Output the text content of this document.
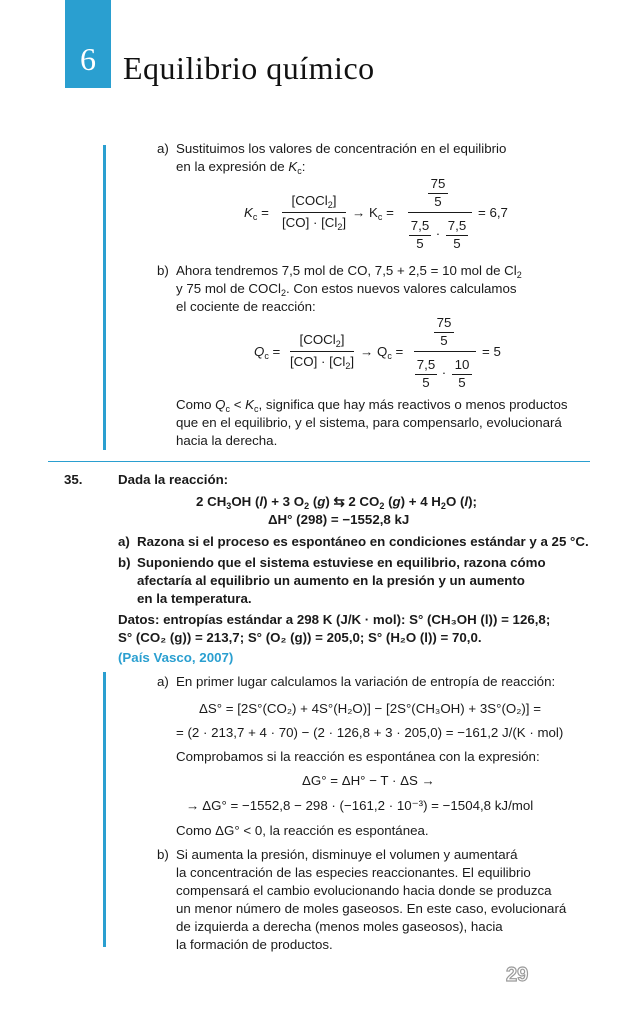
6 Equilibrio químico
a) Sustituimos los valores de concentración en el equilibrio
en la expresión de $K_c$:
$K_c$ =
[COCl$_2$]
$[CO] \cdot [Cl_2]$
→ $K_c$ =
75
5
7,5
5
·
7,5
5
= 6,7
b) Ahora tendremos 7,5 mol de CO, 7,5 + 2,5 = 10 mol de $Cl_2$
y 75 mol de COCl$_2$. Con estos nuevos valores calculamos
el cociente de reacción:
$Q_c$ =
[COCl$_2$]
$[CO] \cdot [Cl_2]$
→ $Q_c$ =
75
5
7,5
5
·
10
5
= 5
Como $Q_c < K_c$, significa que hay más reactivos o menos productos
que en el equilibrio, y el sistema, para compensarlo, evolucionará
hacia la derecha.
35.	Dada la reacción:
2 $CH_3OH$ (l) + 3 $O_2$ (g) ⇆ 2 $CO_2$ (g) + 4 $H_2O$ (l);
ΔH° (298) = −1552,8 kJ
a) Razona si el proceso es espontáneo en condiciones estándar y a 25 °C.
b) Suponiendo que el sistema estuviese en equilibrio, razona cómo
afectaría al equilibrio un aumento en la presión y un aumento
en la temperatura.
Datos: entropías estándar a 298 K (J/K · mol): S° (CH₃OH (l)) = 126,8;
S° (CO₂ (g)) = 213,7; S° (O₂ (g)) = 205,0; S° (H₂O (l)) = 70,0.
(País Vasco, 2007)
a) En primer lugar calculamos la variación de entropía de reacción:
ΔS° = [2S°(CO₂) + 4S°(H₂O)] − [2S°(CH₃OH) + 3S°(O₂)] =
= (2 · 213,7 + 4 · 70) − (2 · 126,8 + 3 · 205,0) = −161,2 J/(K · mol)
Comprobamos si la reacción es espontánea con la expresión:
ΔG° = ΔH° − T · ΔS →
→ ΔG° = −1552,8 − 298 · (−161,2 · 10⁻³) = −1504,8 kJ/mol
Como ΔG° < 0, la reacción es espontánea.
b) Si aumenta la presión, disminuye el volumen y aumentará
la concentración de las especies reaccionantes. El equilibrio
compensará el cambio evolucionando hacia donde se produzca
un menor número de moles gaseosos. En este caso, evolucionará
de izquierda a derecha (menos moles gaseosos), hacia
la formación de productos.
29
